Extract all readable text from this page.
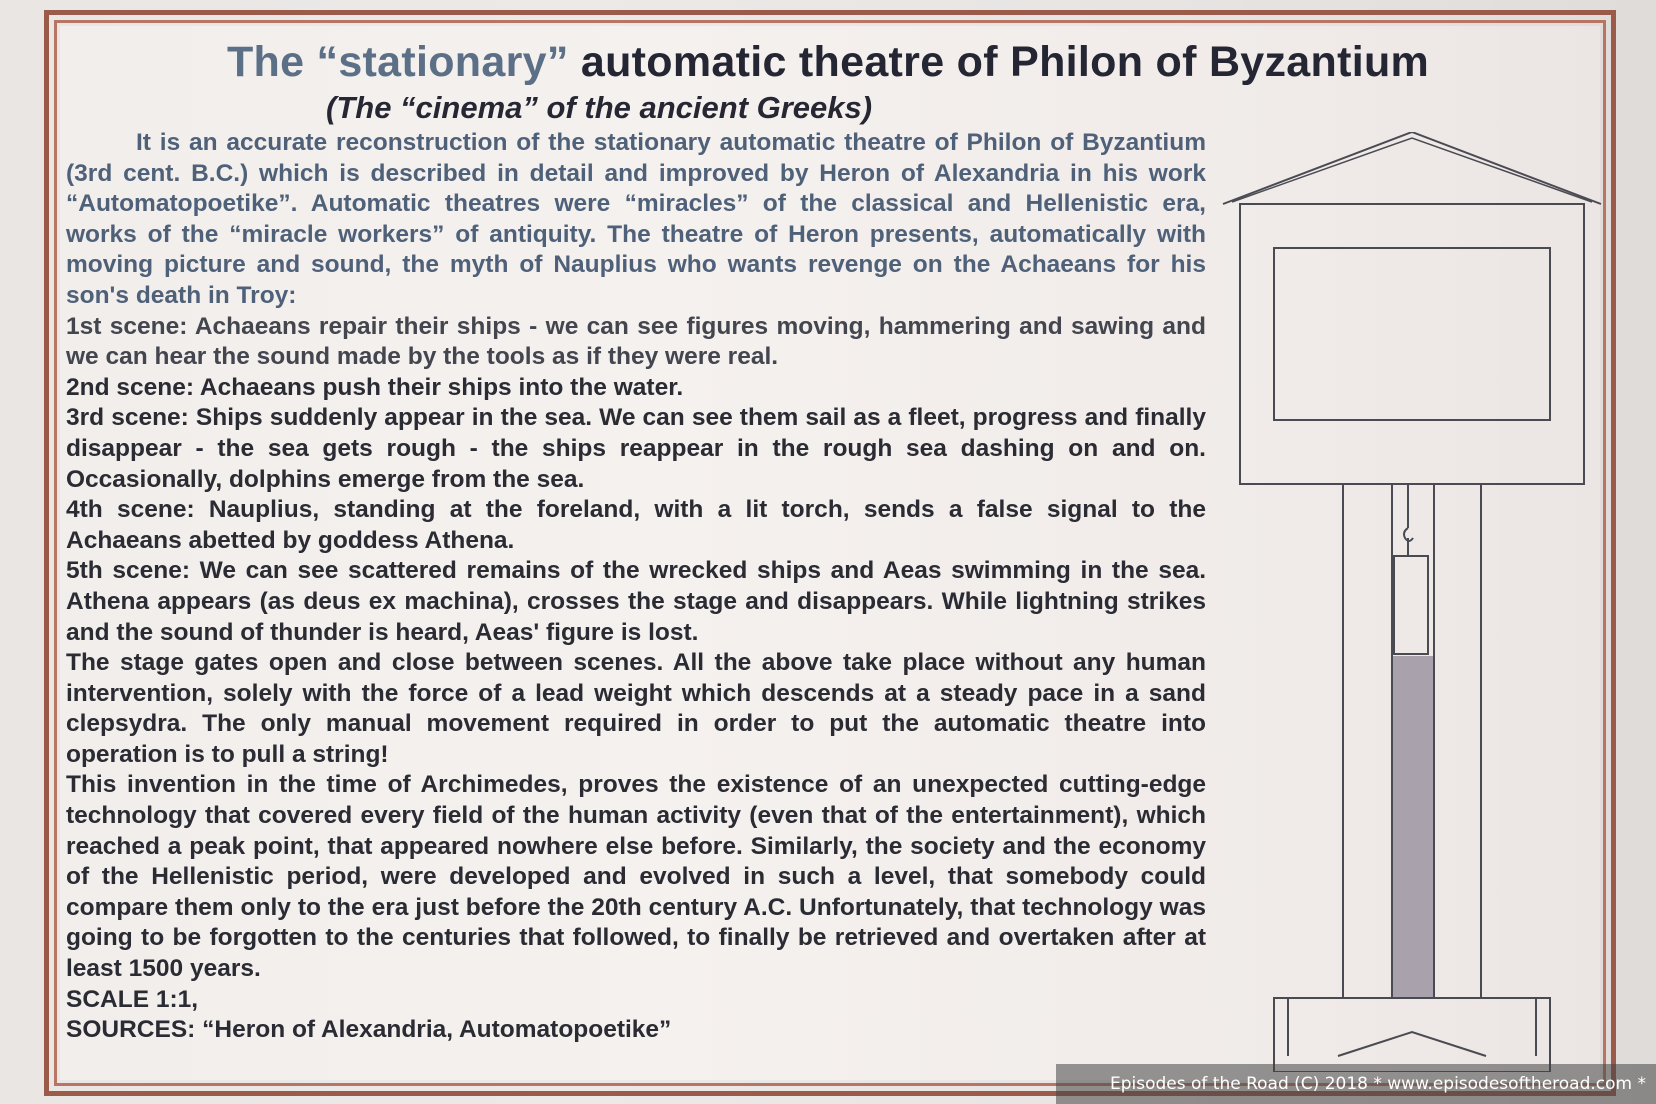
The “stationary” automatic theatre of Philon of Byzantium
(The “cinema” of the ancient Greeks)

It is an accurate reconstruction of the stationary automatic theatre of Philon of Byzantium (3rd cent. B.C.) which is described in detail and improved by Heron of Alexandria in his work “Automatopoetike”. Automatic theatres were “miracles” of the classical and Hellenistic era, works of the “miracle workers” of antiquity. The theatre of Heron presents, automatically with moving picture and sound, the myth of Nauplius who wants revenge on the Achaeans for his son's death in Troy:

1st scene: Achaeans repair their ships - we can see figures moving, hammering and sawing and we can hear the sound made by the tools as if they were real.

2nd scene: Achaeans push their ships into the water.

3rd scene: Ships suddenly appear in the sea. We can see them sail as a fleet, progress and finally disappear - the sea gets rough - the ships reappear in the rough sea dashing on and on. Occasionally, dolphins emerge from the sea.

4th scene: Nauplius, standing at the foreland, with a lit torch, sends a false signal to the Achaeans abetted by goddess Athena.

5th scene: We can see scattered remains of the wrecked ships and Aeas swimming in the sea. Athena appears (as deus ex machina), crosses the stage and disappears. While lightning strikes and the sound of thunder is heard, Aeas' figure is lost.

The stage gates open and close between scenes. All the above take place without any human intervention, solely with the force of a lead weight which descends at a steady pace in a sand clepsydra. The only manual movement required in order to put the automatic theatre into operation is to pull a string!

This invention in the time of Archimedes, proves the existence of an unexpected cutting-edge technology that covered every field of the human activity (even that of the entertainment), which reached a peak point, that appeared nowhere else before. Similarly, the society and the economy of the Hellenistic period, were developed and evolved in such a level, that somebody could compare them only to the era just before the 20th century A.C. Unfortunately, that technology was going to be forgotten to the centuries that followed, to finally be retrieved and overtaken after at least 1500 years.

SCALE 1:1,

SOURCES: “Heron of Alexandria, Automatopoetike”

Episodes of the Road (C) 2018 * www.episodesoftheroad.com *
